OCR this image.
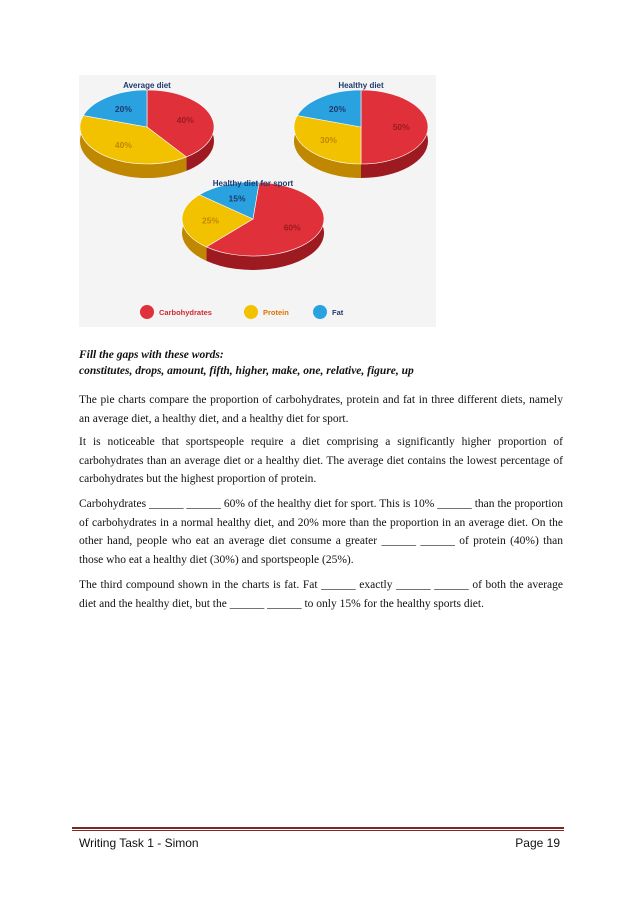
40%
40%
20%
Average diet
50%
30%
20%
Healthy diet
60%
25%
15%
Healthy diet for sport
Carbohydrates	Protein	Fat
Fill the gaps with these words:
constitutes, drops, amount, fifth, higher, make, one, relative, figure, up

The pie charts compare the proportion of carbohydrates, protein and fat in three different diets, namely an average diet, a healthy diet, and a healthy diet for sport.

It is noticeable that sportspeople require a diet comprising a significantly higher proportion of carbohydrates than an average diet or a healthy diet. The average diet contains the lowest percentage of carbohydrates but the highest proportion of protein.

Carbohydrates ______ ______ 60% of the healthy diet for sport. This is 10% ______ than the proportion of carbohydrates in a normal healthy diet, and 20% more than the proportion in an average diet. On the other hand, people who eat an average diet consume a greater ______ ______ of protein (40%) than those who eat a healthy diet (30%) and sportspeople (25%).

The third compound shown in the charts is fat. Fat ______ exactly ______ ______ of both the average diet and the healthy diet, but the ______ ______ to only 15% for the healthy sports diet.

Writing Task 1 - Simon	Page 19
